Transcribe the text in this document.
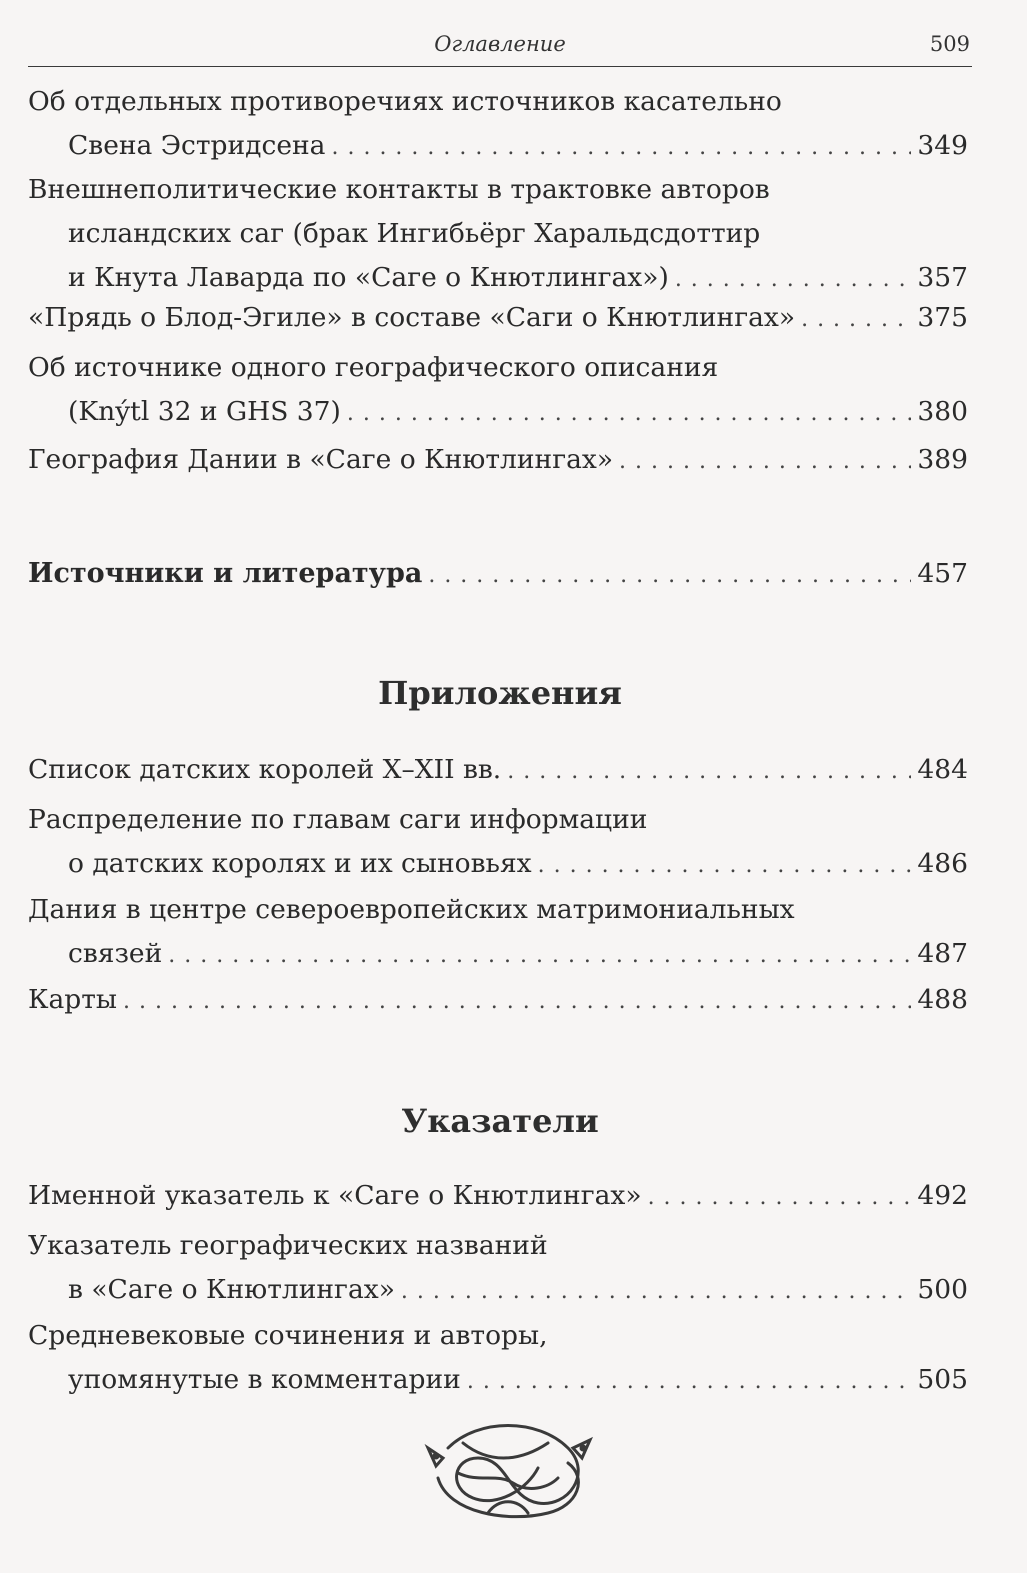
Оглавление	509
Об отдельных противоречиях источников касательно
Свена Эстридсена . . .	349
Внешнеполитические контакты в трактовке авторов
исландских саг (брак Ингибьёрг Харальдсдоттир
и Кнута Лаварда по «Саге о Кнютлингах») . . .	357
«Прядь о Блод-Эгиле» в составе «Саги о Кнютлингах» . . .	375
Об источнике одного географического описания
(Knýtl 32 и GHS 37) . . .	380
География Дании в «Саге о Кнютлингах» . . .	389
Источники и литература . . .	457
Приложения
Список датских королей X–XII вв. . . .	484
Распределение по главам саги информации
о датских королях и их сыновьях . . .	486
Дания в центре североевропейских матримониальных
связей . . .	487
Карты . . .	488
Указатели
Именной указатель к «Саге о Кнютлингах» . . .	492
Указатель географических названий
в «Саге о Кнютлингах» . . .	500
Средневековые сочинения и авторы,
упомянутые в комментарии . . .	505
